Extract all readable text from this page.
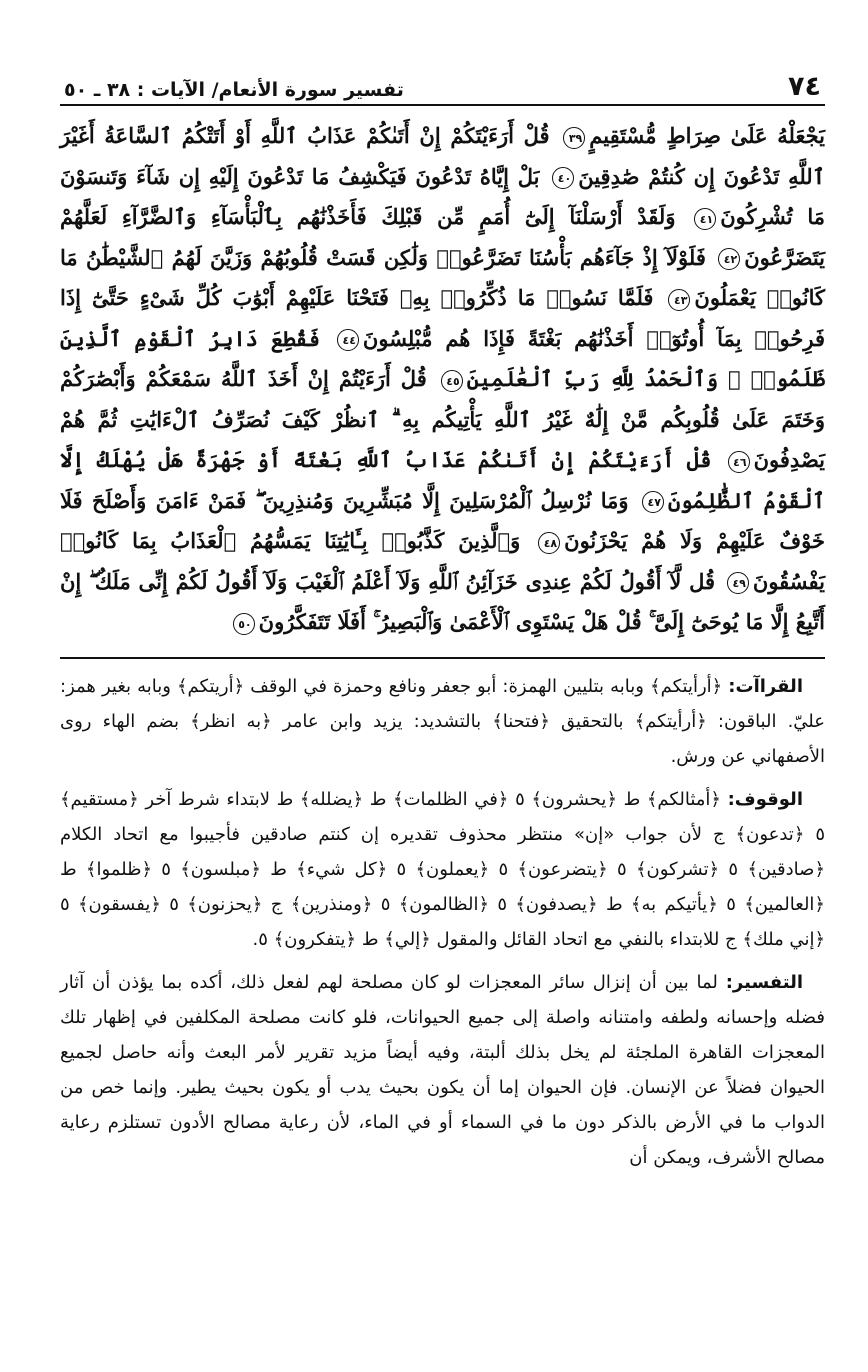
٧٤
تفسير سورة الأنعام/ الآيات : ٣٨ ـ ٥٠
يَجْعَلْهُ عَلَىٰ صِرَاطٍ مُّسْتَقِيمٍ٣٩ قُلْ أَرَءَيْتَكُمْ إِنْ أَتَىٰكُمْ عَذَابُ ٱللَّهِ أَوْ أَتَتْكُمُ ٱلسَّاعَةُ أَغَيْرَ ٱللَّهِ تَدْعُونَ إِن كُنتُمْ صَٰدِقِينَ٤٠ بَلْ إِيَّاهُ تَدْعُونَ فَيَكْشِفُ مَا تَدْعُونَ إِلَيْهِ إِن شَآءَ وَتَنسَوْنَ مَا تُشْرِكُونَ٤١ وَلَقَدْ أَرْسَلْنَآ إِلَىٰٓ أُمَمٍ مِّن قَبْلِكَ فَأَخَذْنَٰهُم بِٱلْبَأْسَآءِ وَٱلضَّرَّآءِ لَعَلَّهُمْ يَتَضَرَّعُونَ٤٢ فَلَوْلَآ إِذْ جَآءَهُم بَأْسُنَا تَضَرَّعُوا۟ وَلَٰكِن قَسَتْ قُلُوبُهُمْ وَزَيَّنَ لَهُمُ ٱلشَّيْطَٰنُ مَا كَانُوا۟ يَعْمَلُونَ٤٣ فَلَمَّا نَسُوا۟ مَا ذُكِّرُوا۟ بِهِۦ فَتَحْنَا عَلَيْهِمْ أَبْوَٰبَ كُلِّ شَىْءٍ حَتَّىٰٓ إِذَا فَرِحُوا۟ بِمَآ أُوتُوٓا۟ أَخَذْنَٰهُم بَغْتَةً فَإِذَا هُم مُّبْلِسُونَ٤٤ فَقُطِعَ دَابِرُ ٱلْقَوْمِ ٱلَّذِينَ ظَلَمُوا۟ ۚ وَٱلْحَمْدُ لِلَّهِ رَبِّ ٱلْعَٰلَمِينَ٤٥ قُلْ أَرَءَيْتُمْ إِنْ أَخَذَ ٱللَّهُ سَمْعَكُمْ وَأَبْصَٰرَكُمْ وَخَتَمَ عَلَىٰ قُلُوبِكُم مَّنْ إِلَٰهٌ غَيْرُ ٱللَّهِ يَأْتِيكُم بِهِ ۗ ٱنظُرْ كَيْفَ نُصَرِّفُ ٱلْءَايَٰتِ ثُمَّ هُمْ يَصْدِفُونَ٤٦ قُلْ أَرَءَيْتَكُمْ إِنْ أَتَىٰكُمْ عَذَابُ ٱللَّهِ بَغْتَةً أَوْ جَهْرَةً هَلْ يُهْلَكُ إِلَّا ٱلْقَوْمُ ٱلظَّٰلِمُونَ٤٧ وَمَا نُرْسِلُ ٱلْمُرْسَلِينَ إِلَّا مُبَشِّرِينَ وَمُنذِرِينَ ۖ فَمَنْ ءَامَنَ وَأَصْلَحَ فَلَا خَوْفٌ عَلَيْهِمْ وَلَا هُمْ يَحْزَنُونَ٤٨ وَٱلَّذِينَ كَذَّبُوا۟ بِـَٔايَٰتِنَا يَمَسُّهُمُ ٱلْعَذَابُ بِمَا كَانُوا۟ يَفْسُقُونَ٤٩ قُل لَّآ أَقُولُ لَكُمْ عِندِى خَزَآئِنُ ٱللَّهِ وَلَآ أَعْلَمُ ٱلْغَيْبَ وَلَآ أَقُولُ لَكُمْ إِنِّى مَلَكٌ ۖ إِنْ أَتَّبِعُ إِلَّا مَا يُوحَىٰٓ إِلَىَّ ۚ قُلْ هَلْ يَسْتَوِى ٱلْأَعْمَىٰ وَٱلْبَصِيرُ ۚ أَفَلَا تَتَفَكَّرُونَ٥٠

القراآت: ﴿أرأيتكم﴾ وبابه بتليين الهمزة: أبو جعفر ونافع وحمزة في الوقف ﴿أريتكم﴾ وبابه بغير همز: عليّ. الباقون: ﴿أرأيتكم﴾ بالتحقيق ﴿فتحنا﴾ بالتشديد: يزيد وابن عامر ﴿به انظر﴾ بضم الهاء روى الأصفهاني عن ورش.

الوقوف: ﴿أمثالكم﴾ ط ﴿يحشرون﴾ ٥ ﴿في الظلمات﴾ ط ﴿يضلله﴾ ط لابتداء شرط آخر ﴿مستقيم﴾ ٥ ﴿تدعون﴾ ج لأن جواب «إن» منتظر محذوف تقديره إن كنتم صادقين فأجيبوا مع اتحاد الكلام ﴿صادقين﴾ ٥ ﴿تشركون﴾ ٥ ﴿يتضرعون﴾ ٥ ﴿يعملون﴾ ٥ ﴿كل شيء﴾ ط ﴿مبلسون﴾ ٥ ﴿ظلموا﴾ ط ﴿العالمين﴾ ٥ ﴿يأتيكم به﴾ ط ﴿يصدفون﴾ ٥ ﴿الظالمون﴾ ٥ ﴿ومنذرين﴾ ج ﴿يحزنون﴾ ٥ ﴿يفسقون﴾ ٥ ﴿إني ملك﴾ ج للابتداء بالنفي مع اتحاد القائل والمقول ﴿إلي﴾ ط ﴿يتفكرون﴾ ٥.

التفسير: لما بين أن إنزال سائر المعجزات لو كان مصلحة لهم لفعل ذلك، أكده بما يؤذن أن آثار فضله وإحسانه ولطفه وامتنانه واصلة إلى جميع الحيوانات، فلو كانت مصلحة المكلفين في إظهار تلك المعجزات القاهرة الملجئة لم يخل بذلك ألبتة، وفيه أيضاً مزيد تقرير لأمر البعث وأنه حاصل لجميع الحيوان فضلاً عن الإنسان. فإن الحيوان إما أن يكون بحيث يدب أو يكون بحيث يطير. وإنما خص من الدواب ما في الأرض بالذكر دون ما في السماء أو في الماء، لأن رعاية مصالح الأدون تستلزم رعاية مصالح الأشرف، ويمكن أن
